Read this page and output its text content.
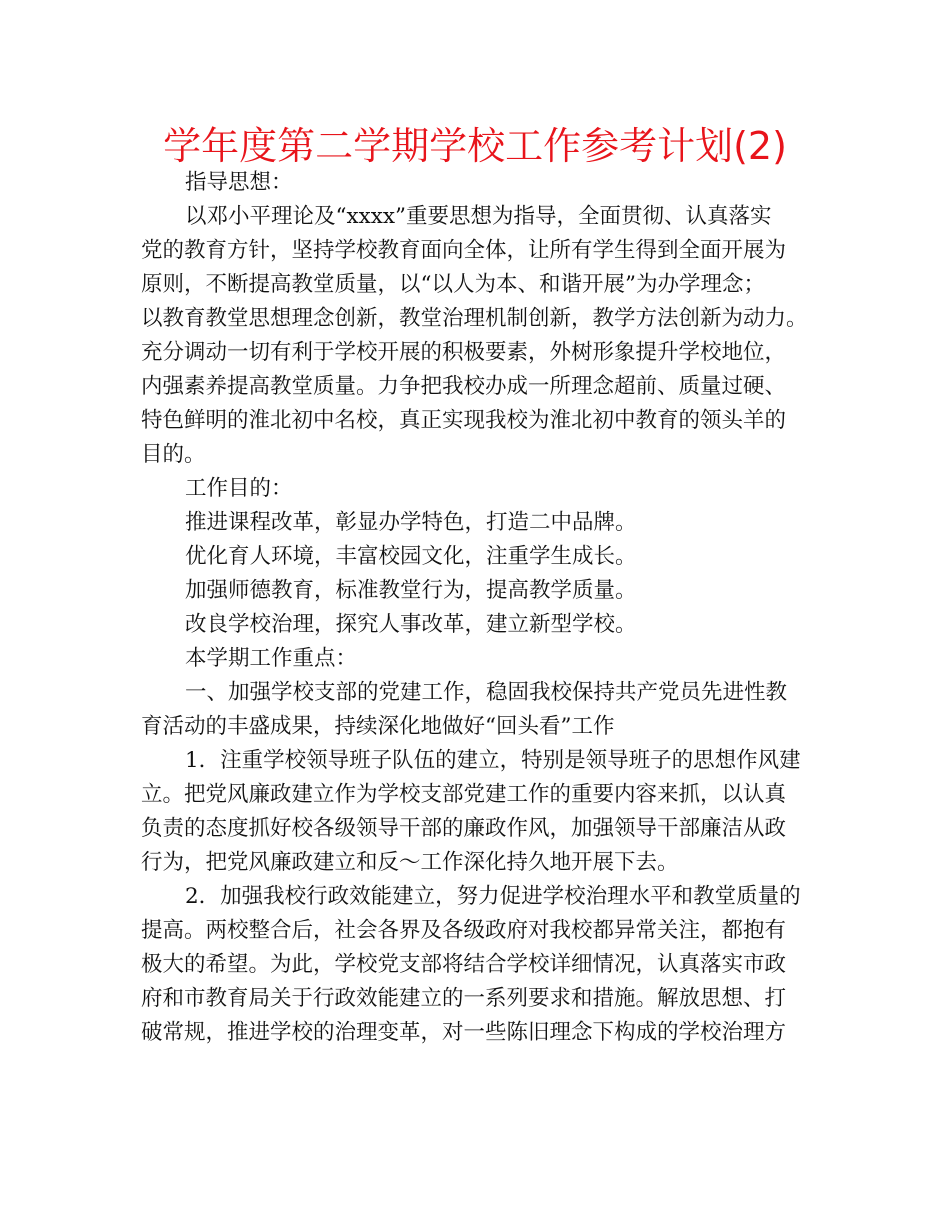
学年度第二学期学校工作参考计划(2)
指导思想：
以邓小平理论及“xxxx”重要思想为指导，全面贯彻、认真落实
党的教育方针，坚持学校教育面向全体，让所有学生得到全面开展为
原则，不断提高教堂质量，以“以人为本、和谐开展”为办学理念；
以教育教堂思想理念创新，教堂治理机制创新，教学方法创新为动力。
充分调动一切有利于学校开展的积极要素，外树形象提升学校地位，
内强素养提高教堂质量。力争把我校办成一所理念超前、质量过硬、
特色鲜明的淮北初中名校，真正实现我校为淮北初中教育的领头羊的
目的。
工作目的：
推进课程改革，彰显办学特色，打造二中品牌。
优化育人环境，丰富校园文化，注重学生成长。
加强师德教育，标准教堂行为，提高教学质量。
改良学校治理，探究人事改革，建立新型学校。
本学期工作重点：
一、加强学校支部的党建工作，稳固我校保持共产党员先进性教
育活动的丰盛成果，持续深化地做好“回头看”工作
1．注重学校领导班子队伍的建立，特别是领导班子的思想作风建
立。把党风廉政建立作为学校支部党建工作的重要内容来抓，以认真
负责的态度抓好校各级领导干部的廉政作风，加强领导干部廉洁从政
行为，把党风廉政建立和反～工作深化持久地开展下去。
2．加强我校行政效能建立，努力促进学校治理水平和教堂质量的
提高。两校整合后，社会各界及各级政府对我校都异常关注，都抱有
极大的希望。为此，学校党支部将结合学校详细情况，认真落实市政
府和市教育局关于行政效能建立的一系列要求和措施。解放思想、打
破常规，推进学校的治理变革，对一些陈旧理念下构成的学校治理方
